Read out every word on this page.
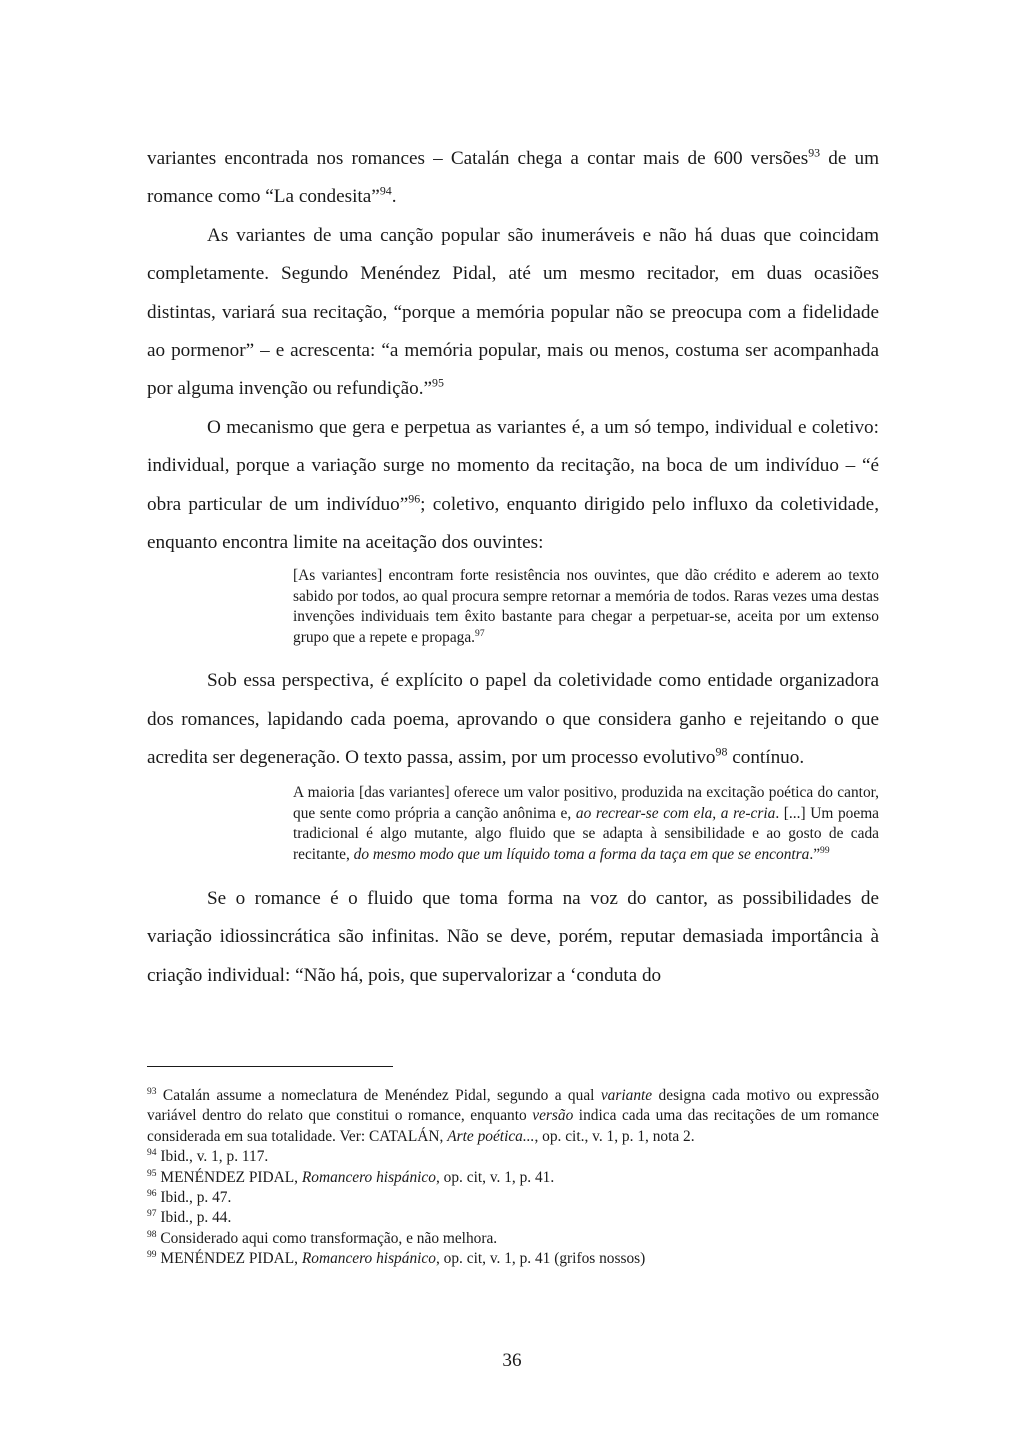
variantes encontrada nos romances – Catalán chega a contar mais de 600 versões$^{93}$ de um romance como “La condesita”$^{94}$.

As variantes de uma canção popular são inumeráveis e não há duas que coincidam completamente. Segundo Menéndez Pidal, até um mesmo recitador, em duas ocasiões distintas, variará sua recitação, “porque a memória popular não se preocupa com a fidelidade ao pormenor” – e acrescenta: “a memória popular, mais ou menos, costuma ser acompanhada por alguma invenção ou refundição.”$^{95}$

O mecanismo que gera e perpetua as variantes é, a um só tempo, individual e coletivo: individual, porque a variação surge no momento da recitação, na boca de um indivíduo – “é obra particular de um indivíduo”$^{96}$; coletivo, enquanto dirigido pelo influxo da coletividade, enquanto encontra limite na aceitação dos ouvintes:

[As variantes] encontram forte resistência nos ouvintes, que dão crédito e aderem ao texto sabido por todos, ao qual procura sempre retornar a memória de todos. Raras vezes uma destas invenções individuais tem êxito bastante para chegar a perpetuar-se, aceita por um extenso grupo que a repete e propaga.$^{97}$

Sob essa perspectiva, é explícito o papel da coletividade como entidade organizadora dos romances, lapidando cada poema, aprovando o que considera ganho e rejeitando o que acredita ser degeneração. O texto passa, assim, por um processo evolutivo$^{98}$ contínuo.

A maioria [das variantes] oferece um valor positivo, produzida na excitação poética do cantor, que sente como própria a canção anônima e, ao recrear-se com ela, a re-cria. [...] Um poema tradicional é algo mutante, algo fluido que se adapta à sensibilidade e ao gosto de cada recitante, do mesmo modo que um líquido toma a forma da taça em que se encontra.”$^{99}$

Se o romance é o fluido que toma forma na voz do cantor, as possibilidades de variação idiossincrática são infinitas. Não se deve, porém, reputar demasiada importância à criação individual: “Não há, pois, que supervalorizar a ‘conduta do

$^{93}$ Catalán assume a nomeclatura de Menéndez Pidal, segundo a qual variante designa cada motivo ou expressão variável dentro do relato que constitui o romance, enquanto versão indica cada uma das recitações de um romance considerada em sua totalidade. Ver: CATALÁN, Arte poética..., op. cit., v. 1, p. 1, nota 2.

$^{94}$ Ibid., v. 1, p. 117.

$^{95}$ MENÉNDEZ PIDAL, Romancero hispánico, op. cit, v. 1, p. 41.

$^{96}$ Ibid., p. 47.

$^{97}$ Ibid., p. 44.

$^{98}$ Considerado aqui como transformação, e não melhora.

$^{99}$ MENÉNDEZ PIDAL, Romancero hispánico, op. cit, v. 1, p. 41 (grifos nossos)

36
